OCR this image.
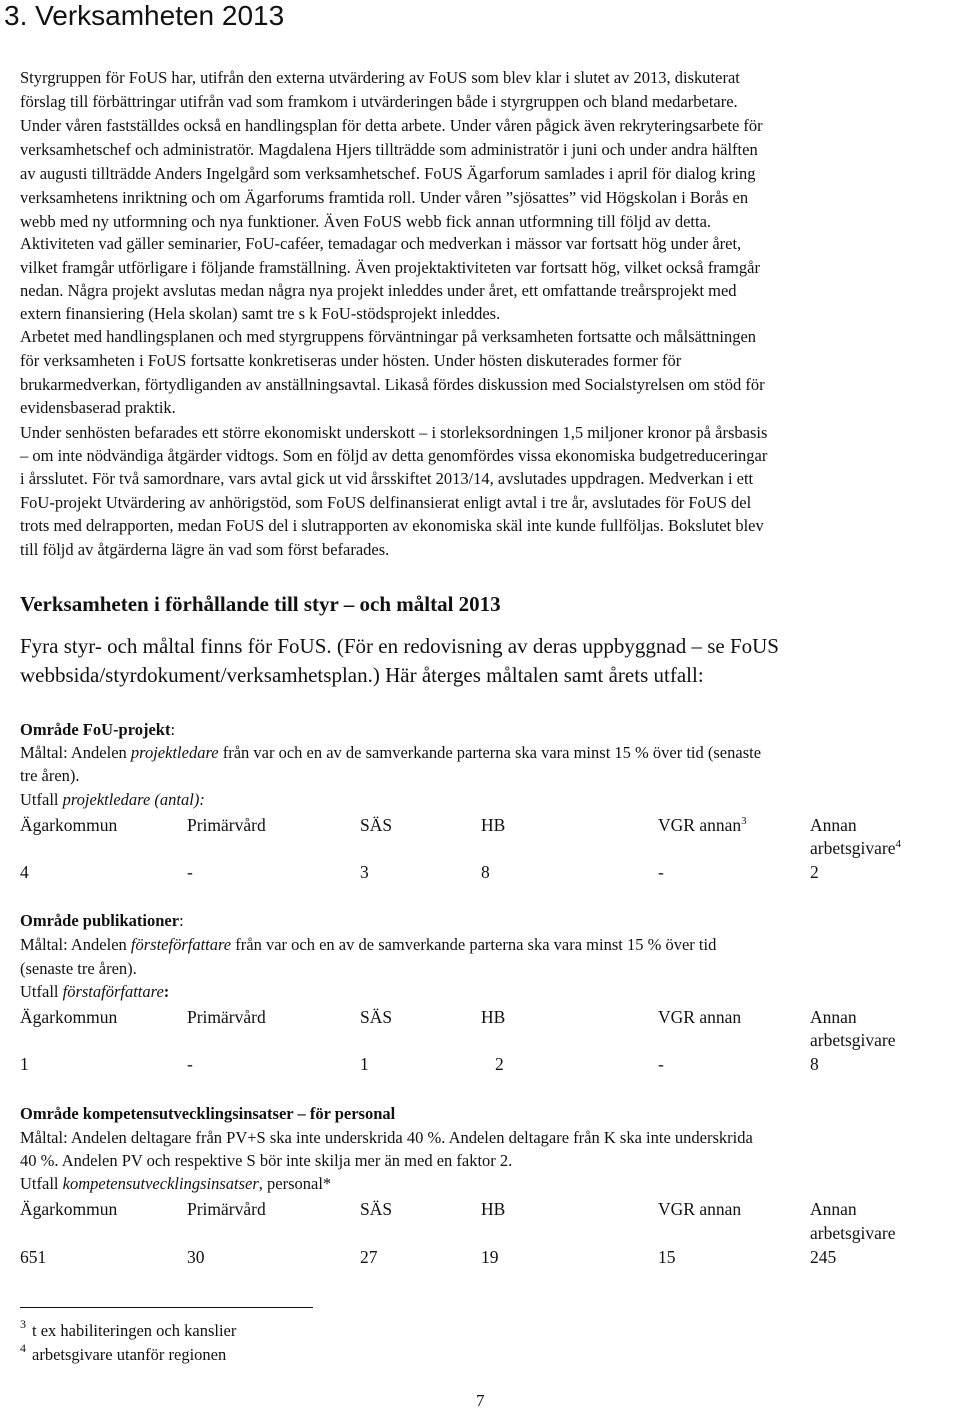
3. Verksamheten 2013
Styrgruppen för FoUS har, utifrån den externa utvärdering av FoUS som blev klar i slutet av 2013, diskuterat
förslag till förbättringar utifrån vad som framkom i utvärderingen både i styrgruppen och bland medarbetare.
Under våren fastställdes också en handlingsplan för detta arbete. Under våren pågick även rekryteringsarbete för
verksamhetschef och administratör. Magdalena Hjers tillträdde som administratör i juni och under andra hälften
av augusti tillträdde Anders Ingelgård som verksamhetschef. FoUS Ägarforum samlades i april för dialog kring
verksamhetens inriktning och om Ägarforums framtida roll. Under våren ”sjösattes” vid Högskolan i Borås en
webb med ny utformning och nya funktioner. Även FoUS webb fick annan utformning till följd av detta.
Aktiviteten vad gäller seminarier, FoU-caféer, temadagar och medverkan i mässor var fortsatt hög under året,
vilket framgår utförligare i följande framställning. Även projektaktiviteten var fortsatt hög, vilket också framgår
nedan. Några projekt avslutas medan några nya projekt inleddes under året, ett omfattande treårsprojekt med
extern finansiering (Hela skolan) samt tre s k FoU-stödsprojekt inleddes.
Arbetet med handlingsplanen och med styrgruppens förväntningar på verksamheten fortsatte och målsättningen
för verksamheten i FoUS fortsatte konkretiseras under hösten. Under hösten diskuterades former för
brukarmedverkan, förtydliganden av anställningsavtal. Likaså fördes diskussion med Socialstyrelsen om stöd för
evidensbaserad praktik.
Under senhösten befarades ett större ekonomiskt underskott – i storleksordningen 1,5 miljoner kronor på årsbasis
– om inte nödvändiga åtgärder vidtogs. Som en följd av detta genomfördes vissa ekonomiska budgetreduceringar
i årsslutet. För två samordnare, vars avtal gick ut vid årsskiftet 2013/14, avslutades uppdragen. Medverkan i ett
FoU-projekt Utvärdering av anhörigstöd, som FoUS delfinansierat enligt avtal i tre år, avslutades för FoUS del
trots med delrapporten, medan FoUS del i slutrapporten av ekonomiska skäl inte kunde fullföljas. Bokslutet blev
till följd av åtgärderna lägre än vad som först befarades.
Verksamheten i förhållande till styr – och måltal 2013
Fyra styr- och måltal finns för FoUS. (För en redovisning av deras uppbyggnad – se FoUS
webbsida/styrdokument/verksamhetsplan.) Här återges måltalen samt årets utfall:
Område FoU-projekt:
Måltal: Andelen projektledare från var och en av de samverkande parterna ska vara minst 15 % över tid (senaste
tre åren).
Utfall projektledare (antal):
Ägarkommun	Primärvård	SÄS	HB	VGR annan$^3$	Annan
arbetsgivare$^4$
4	-	3	8	-	2
Område publikationer:
Måltal: Andelen försteförfattare från var och en av de samverkande parterna ska vara minst 15 % över tid
(senaste tre åren).
Utfall förstaförfattare:
Ägarkommun	Primärvård	SÄS	HB	VGR annan	Annan
arbetsgivare
1	-	1	2	-	8
Område kompetensutvecklingsinsatser – för personal
Måltal: Andelen deltagare från PV+S ska inte underskrida 40 %. Andelen deltagare från K ska inte underskrida
40 %. Andelen PV och respektive S bör inte skilja mer än med en faktor 2.
Utfall kompetensutvecklingsinsatser, personal*
Ägarkommun	Primärvård	SÄS	HB	VGR annan	Annan
arbetsgivare
651	30	27	19	15	245
$^3$ t ex habiliteringen och kanslier
$^4$ arbetsgivare utanför regionen
7
